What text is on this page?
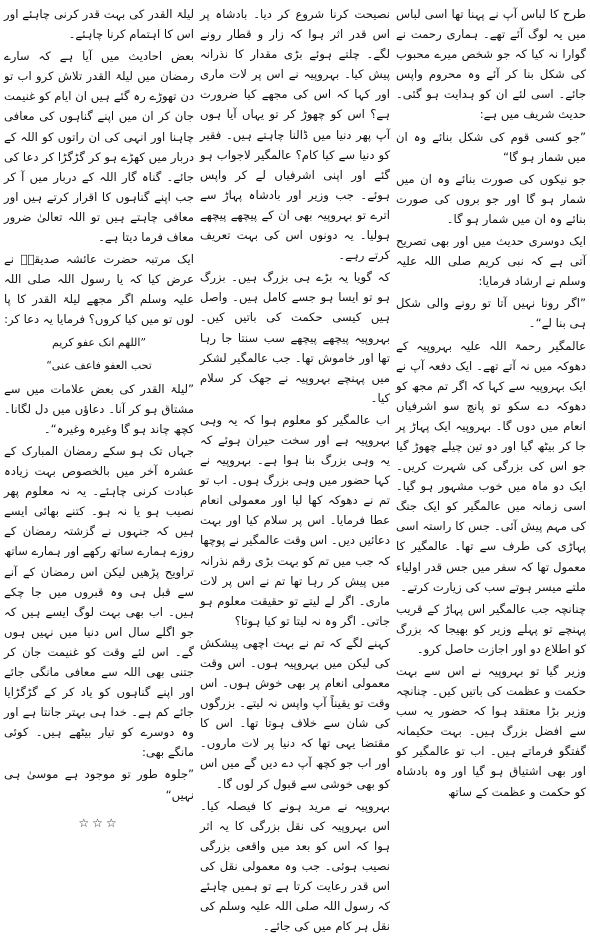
طرح کا لباس آپ نے پہنا تھا اسی لباس میں یہ لوگ آئے تھے۔ ہماری رحمت نے گوارا نہ کیا کہ جو شخص میرے محبوب کی شکل بنا کر آئے وہ محروم واپس جائے۔ اسی لئے ان کو ہدایت ہو گئی۔ حدیث شریف میں ہے:

”جو کسی قوم کی شکل بنائے وہ ان میں شمار ہو گا“

جو نیکوں کی صورت بنائے وہ ان میں شمار ہو گا اور جو بروں کی صورت بنائے وہ ان میں شمار ہو گا۔

ایک دوسری حدیث میں اور بھی تصریح آتی ہے کہ نبی کریم صلی اللہ علیہ وسلم نے ارشاد فرمایا:

”اگر رونا نہیں آتا تو رونے والی شکل ہی بنا لے“۔

عالمگیر رحمۃ اللہ علیہ بہروپیہ کے دھوکہ میں نہ آتے تھے۔ ایک دفعہ آپ نے ایک بہروپیہ سے کہا کہ اگر تم مجھ کو دھوکہ دے سکو تو پانچ سو اشرفیاں انعام میں دوں گا۔ بہروپیہ ایک پہاڑ پر جا کر بیٹھ گیا اور دو تین چیلے چھوڑ گیا جو اس کی بزرگی کی شہرت کریں۔ ایک دو ماہ میں خوب مشہور ہو گیا۔ اسی زمانہ میں عالمگیر کو ایک جنگ کی مہم پیش آئی۔ جس کا راستہ اسی پہاڑی کی طرف سے تھا۔ عالمگیر کا معمول تھا کہ سفر میں جس قدر اولیاء ملتے میسر ہوتے سب کی زیارت کرتے۔

چنانچہ جب عالمگیر اس پہاڑ کے قریب پہنچے تو پہلے وزیر کو بھیجا کہ بزرگ کو اطلاع دو اور اجازت حاصل کرو۔

وزیر گیا تو بہروپیہ نے اس سے بہت حکمت و عظمت کی باتیں کیں۔ چنانچہ وزیر بڑا معتقد ہوا کہ حضور یہ سب سے افضل بزرگ ہیں۔ بہت حکیمانہ گفتگو فرماتے ہیں۔ اب تو عالمگیر کو اور بھی اشتیاق ہو گیا اور وہ بادشاہ کو حکمت و عظمت کے ساتھ

نصیحت کرنا شروع کر دیا۔ بادشاہ پر اس قدر اثر ہوا کہ زار و قطار رونے لگے۔ چلتے ہوئے بڑی مقدار کا نذرانہ پیش کیا۔ بہروپیہ نے اس پر لات ماری اور کہا کہ اس کی مجھے کیا ضرورت ہے؟ اس کو چھوڑ کر تو یہاں آیا ہوں آپ پھر دنیا میں ڈالنا چاہتے ہیں۔ فقیر کو دنیا سے کیا کام؟ عالمگیر لاجواب ہو گئے اور اپنی اشرفیاں لے کر واپس ہوئے۔ جب وزیر اور بادشاہ پہاڑ سے اترے تو بہروپیہ بھی ان کے پیچھے پیچھے ہولیا۔ یہ دونوں اس کی بہت تعریف کرتے رہے۔

کہ گویا یہ بڑے ہی بزرگ ہیں۔ بزرگ ہو تو ایسا ہو جسے کامل ہیں۔ واصل ہیں کیسی حکمت کی باتیں کیں۔ بہروپیہ پیچھے پیچھے سب سنتا جا رہا تھا اور خاموش تھا۔ جب عالمگیر لشکر میں پہنچے بہروپیہ نے جھک کر سلام کیا۔

اب عالمگیر کو معلوم ہوا کہ یہ وہی بہروپیہ ہے اور سخت حیران ہوئے کہ یہ وہی بزرگ بنا ہوا ہے۔ بہروپیہ نے کہا حضور میں وہی بزرگ ہوں۔ اب تو تم نے دھوکہ کھا لیا اور معمولی انعام عطا فرمایا۔ اس پر سلام کیا اور بہت دعائیں دیں۔ اس وقت عالمگیر نے پوچھا کہ جب میں تم کو بہت بڑی رقم نذرانہ میں پیش کر رہا تھا تم نے اس پر لات ماری۔ اگر لے لیتے تو حقیقت معلوم ہو جاتی۔ اگر وہ نہ لیتا تو کیا ہوتا؟

کہنے لگے کہ تم نے بہت اچھی پیشکش کی لیکن میں بہروپیہ ہوں۔ اس وقت معمولی انعام پر بھی خوش ہوں۔ اس وقت تو یقیناً آپ واپس نہ لیتے۔ بزرگوں کی شان سے خلاف ہوتا تھا۔ اس کا مقتضا یہی تھا کہ دنیا پر لات ماروں۔ اور اب جو کچھ آپ دے دیں گے میں اس کو بھی خوشی سے قبول کر لوں گا۔

بہروپیہ نے مرید ہونے کا فیصلہ کیا۔ اس بہروپیہ کی نقل بزرگی کا یہ اثر ہوا کہ اس کو بعد میں واقعی بزرگی نصیب ہوئی۔ جب وہ معمولی نقل کی اس قدر رعایت کرتا ہے تو ہمیں چاہئے کہ رسول اللہ صلی اللہ علیہ وسلم کی نقل ہر کام میں کی جائے۔

لیلۃ القدر کی بہت قدر کرنی چاہئے اور اس کا اہتمام کرنا چاہئے۔

بعض احادیث میں آیا ہے کہ سارے رمضان میں لیلۃ القدر تلاش کرو اب تو دن تھوڑے رہ گئے ہیں ان ایام کو غنیمت جان کر ان میں اپنے گناہوں کی معافی چاہنا اور انہی کی ان راتوں کو اللہ کے دربار میں کھڑے ہو کر گڑگڑا کر دعا کی جائے۔ گناہ گار اللہ کے دربار میں آ کر جب اپنے گناہوں کا اقرار کرتے ہیں اور معافی چاہتے ہیں تو اللہ تعالیٰ ضرور معاف فرما دیتا ہے۔

ایک مرتبہ حضرت عائشہ صدیقہؓ نے عرض کیا کہ یا رسول اللہ صلی اللہ علیہ وسلم اگر مجھے لیلۃ القدر کا پا لوں تو میں کیا کروں؟ فرمایا یہ دعا کر:

”اللهم انک عفو کریم

تحب العفو فاعف عنی“

”لیلۃ القدر کی بعض علامات میں سے مشتاق ہو کر آنا۔ دعاؤں میں دل لگانا۔ کچھ چاند ہو گا وغیرہ وغیرہ“۔

جہاں تک ہو سکے رمضان المبارک کے عشرہ آخر میں بالخصوص بہت زیادہ عبادت کرنی چاہئے۔ یہ نہ معلوم پھر نصیب ہو یا نہ ہو۔ کتنے بھائی ایسے ہیں کہ جنہوں نے گزشتہ رمضان کے روزے ہمارے ساتھ رکھے اور ہمارے ساتھ تراویح پڑھیں لیکن اس رمضان کے آنے سے قبل ہی وہ قبروں میں جا چکے ہیں۔ اب بھی بہت لوگ ایسے ہیں کہ جو اگلے سال اس دنیا میں نہیں ہوں گے۔ اس لئے وقت کو غنیمت جان کر جتنی بھی اللہ سے معافی مانگی جائے اور اپنے گناہوں کو یاد کر کے گڑگڑایا جائے کم ہے۔ خدا ہی بہتر جانتا ہے اور وہ دوسرے کو تیار بیٹھے ہیں۔ کوئی مانگے بھی:

”جلوہ طور تو موجود ہے موسیٰ ہی نہیں“

☆☆☆
